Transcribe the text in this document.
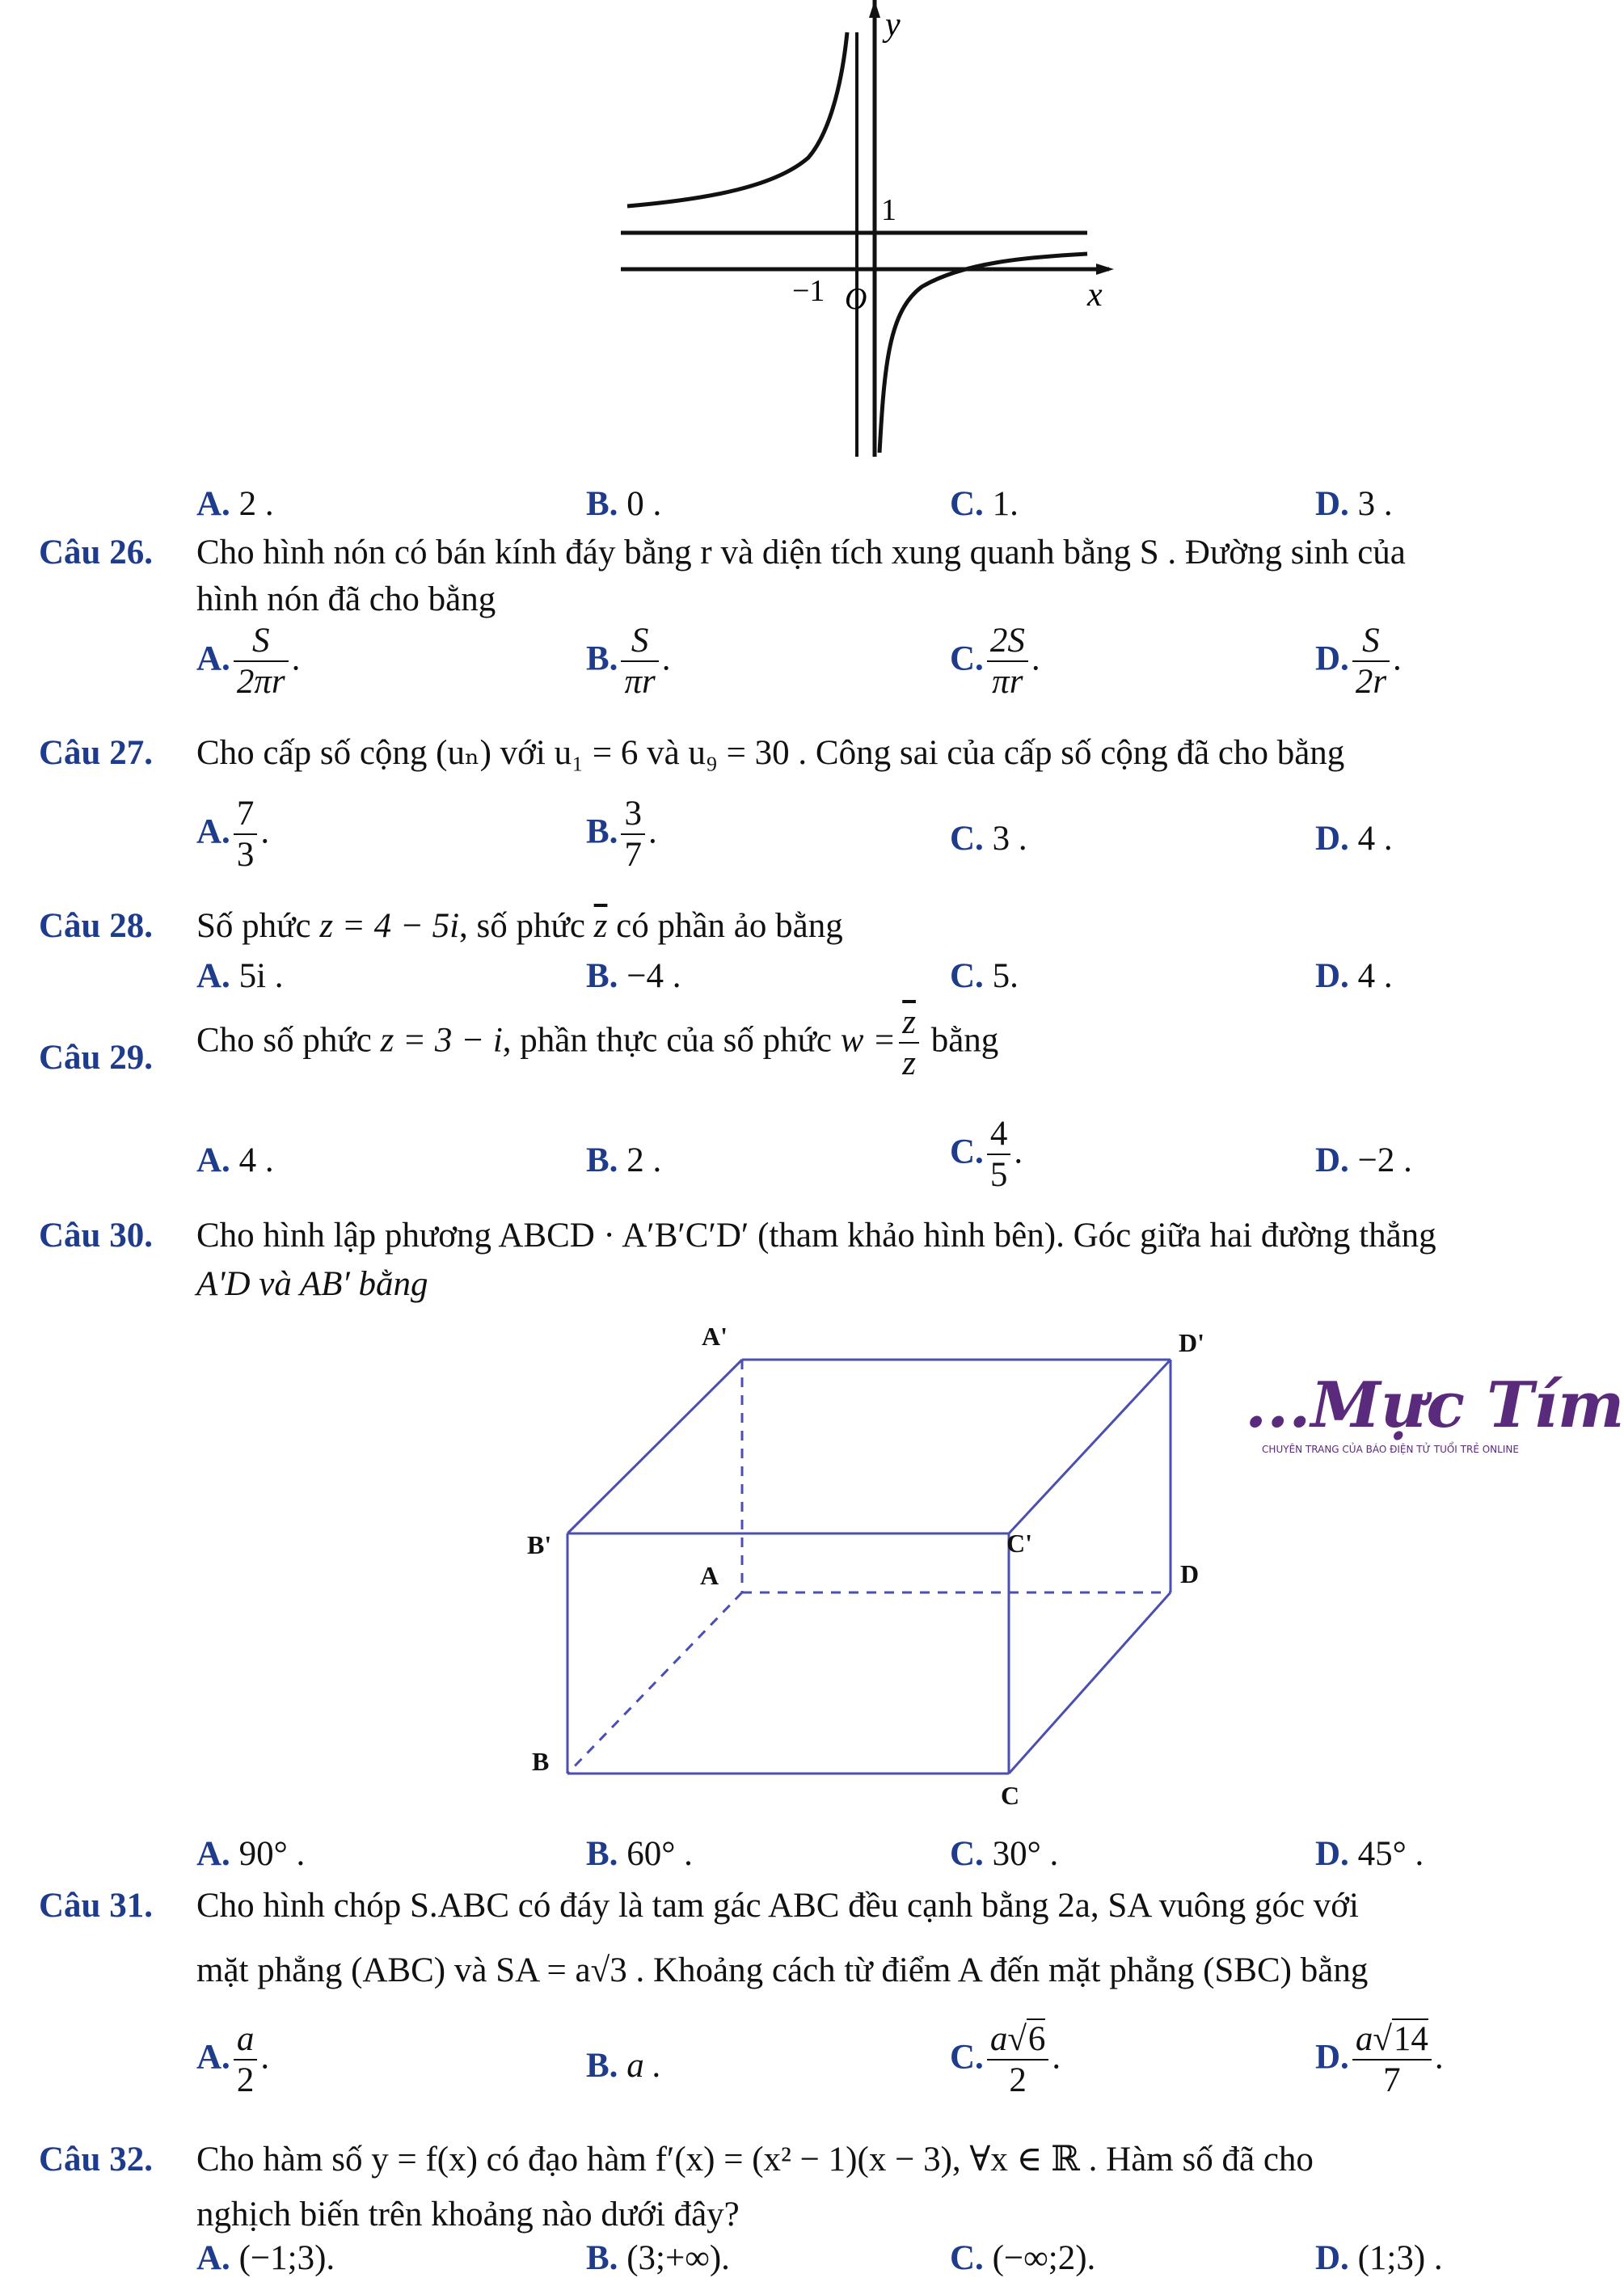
y
1
−1 O	x
A. 2 .	B. 0 .	C. 1.	D. 3 .
Câu 26. Cho hình nón có bán kính đáy bằng r và diện tích xung quanh bằng S . Đường sinh của
hình nón đã cho bằng
A. $\frac{S}{2\pi r}$ .	B. $\frac{S}{\pi r}$ .	C. $\frac{2S}{\pi r}$ .	D. $\frac{S}{2r}$ .
Câu 27. Cho cấp số cộng (uₙ) với u₁ = 6 và u₉ = 30 . Công sai của cấp số cộng đã cho bằng
A. $\frac{7}{3}$ .	B. $\frac{3}{7}$ .	C. 3 .	D. 4 .
Câu 28. Số phức z = 4 − 5i, số phức $\overline{z}$ có phần ảo bằng
A. 5i .	B. −4 .	C. 5.	D. 4 .
Câu 29. Cho số phức z = 3 − i, phần thực của số phức $w = \frac{\overline{z}}{z}$ bằng
A. 4 .	B. 2 .	C. $\frac{4}{5}$ .	D. −2 .
Câu 30. Cho hình lập phương ABCD · A′B′C′D′ (tham khảo hình bên). Góc giữa hai đường thẳng
A'D và AB′ bằng
A'	D'
B'	C'
A	D
B
C
...Mực Tím
CHUYÊN TRANG CỦA BÁO ĐIỆN TỬ TUỔI TRẺ ONLINE
A. 90° .	B. 60° .	C. 30° .	D. 45° .
Câu 31. Cho hình chóp S.ABC có đáy là tam gác ABC đều cạnh bằng 2a, SA vuông góc với
mặt phẳng (ABC) và SA = a√3 . Khoảng cách từ điểm A đến mặt phẳng (SBC) bằng
A. $\frac{a}{2}$ .	B. a .	C. $\frac{a√6}{2}$ .	D. $\frac{a√14}{7}$ .
Câu 32. Cho hàm số y = f(x) có đạo hàm f′(x) = (x² − 1)(x − 3), ∀x ∈ ℝ . Hàm số đã cho
nghịch biến trên khoảng nào dưới đây?
A. (−1;3).	B. (3;+∞).	C. (−∞;2).	D. (1;3) .
